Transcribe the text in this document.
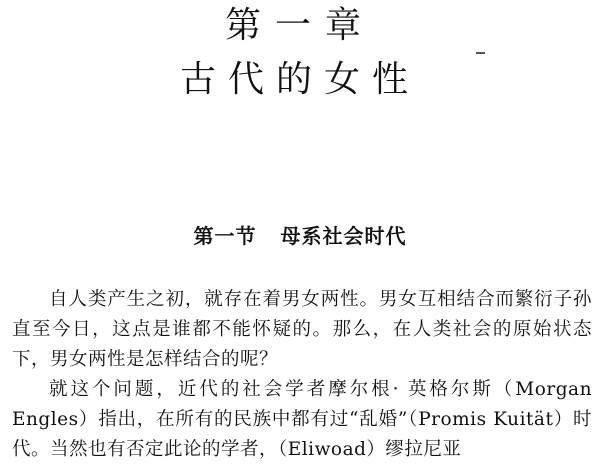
第一章
古代的女性
第一节 母系社会时代

自人类产生之初，就存在着男女两性。男女互相结合而繁衍子孙直至今日，这点是谁都不能怀疑的。那么，在人类社会的原始状态下，男女两性是怎样结合的呢？

就这个问题，近代的社会学者摩尔根· 英格尔斯（Morgan Engles）指出，在所有的民族中都有过“乱婚”（Promis Kuität）时代。当然也有否定此论的学者，（Eliwoad）缪拉尼亚
